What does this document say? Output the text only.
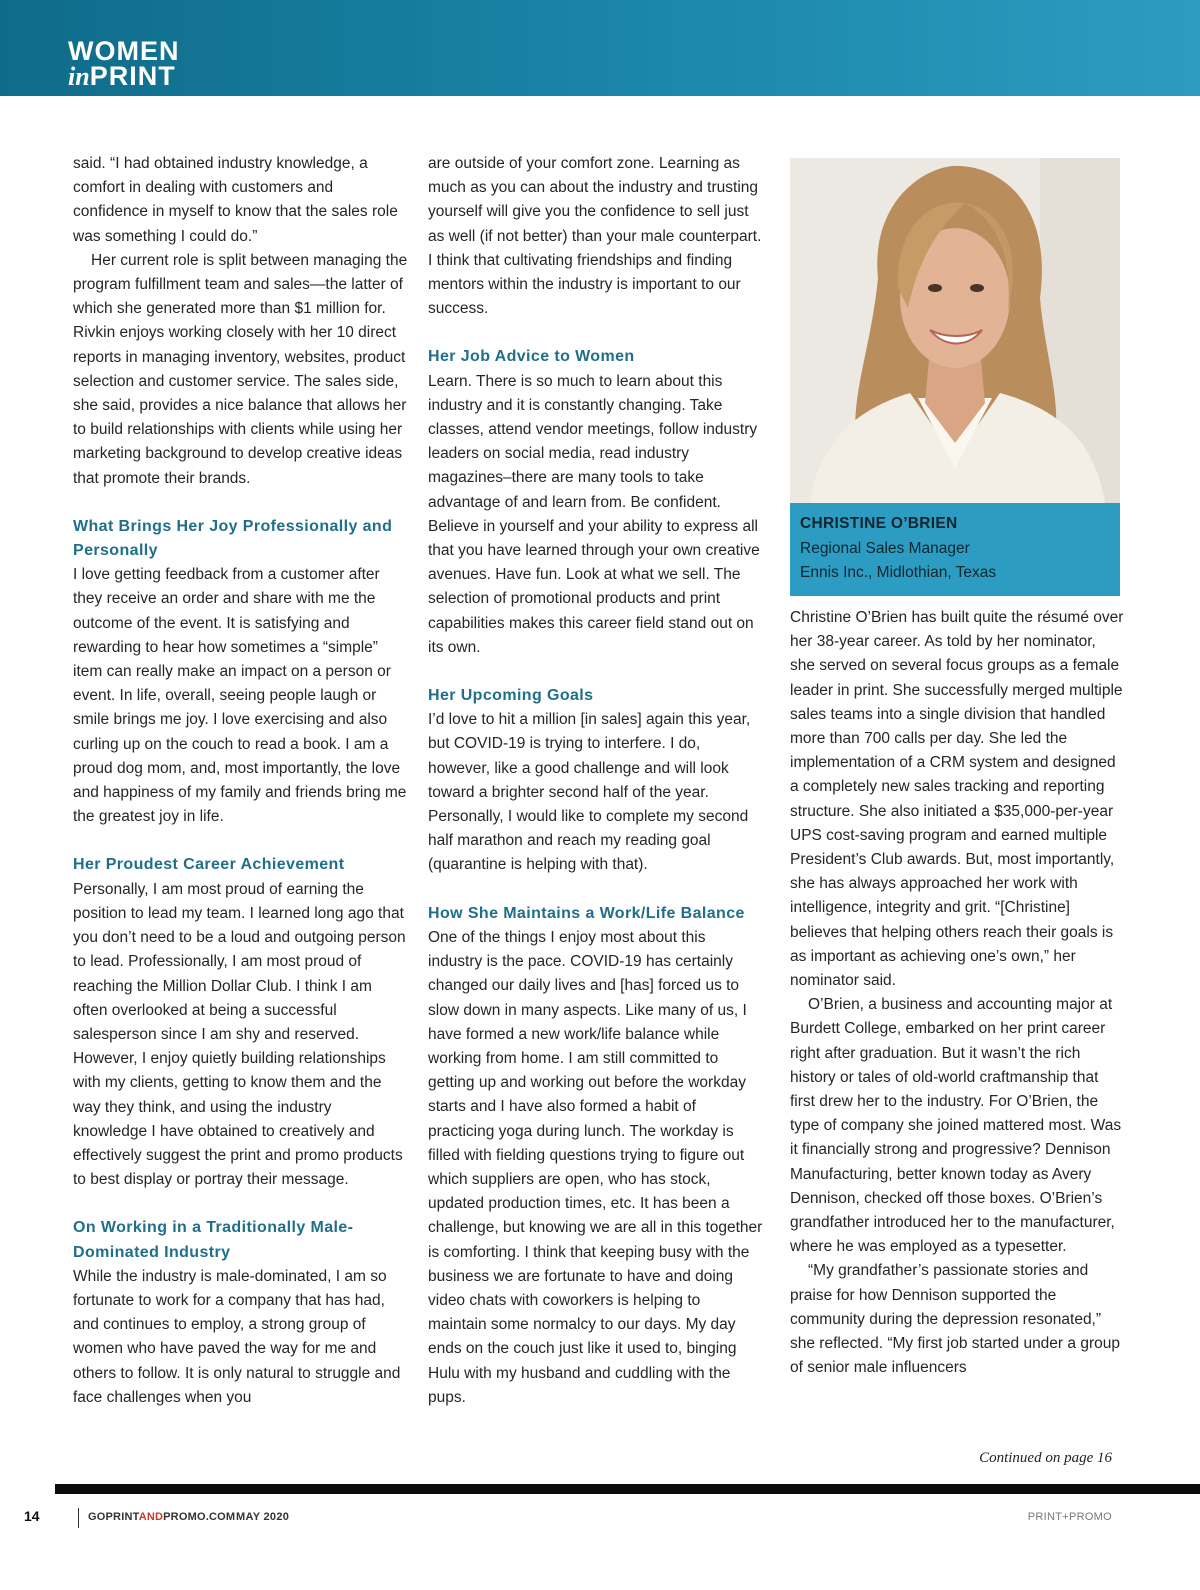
WOMEN
inPRINT

said. “I had obtained industry knowledge, a comfort in dealing with customers and confidence in myself to know that the sales role was something I could do.”

Her current role is split between managing the program fulfillment team and sales—the latter of which she generated more than $1 million for. Rivkin enjoys working closely with her 10 direct reports in managing inventory, websites, product selection and customer service. The sales side, she said, provides a nice balance that allows her to build relationships with clients while using her marketing background to develop creative ideas that promote their brands.

What Brings Her Joy Professionally and Personally

I love getting feedback from a customer after they receive an order and share with me the outcome of the event. It is satisfying and rewarding to hear how sometimes a “simple” item can really make an impact on a person or event. In life, overall, seeing people laugh or smile brings me joy. I love exercising and also curling up on the couch to read a book. I am a proud dog mom, and, most importantly, the love and happiness of my family and friends bring me the greatest joy in life.

Her Proudest Career Achievement

Personally, I am most proud of earning the position to lead my team. I learned long ago that you don’t need to be a loud and outgoing person to lead. Professionally, I am most proud of reaching the Million Dollar Club. I think I am often overlooked at being a successful salesperson since I am shy and reserved. However, I enjoy quietly building relationships with my clients, getting to know them and the way they think, and using the industry knowledge I have obtained to creatively and effectively suggest the print and promo products to best display or portray their message.

On Working in a Traditionally Male-Dominated Industry

While the industry is male-dominated, I am so fortunate to work for a company that has had, and continues to employ, a strong group of women who have paved the way for me and others to follow. It is only natural to struggle and face challenges when you

are outside of your comfort zone. Learning as much as you can about the industry and trusting yourself will give you the confidence to sell just as well (if not better) than your male counterpart. I think that cultivating friendships and finding mentors within the industry is important to our success.

Her Job Advice to Women

Learn. There is so much to learn about this industry and it is constantly changing. Take classes, attend vendor meetings, follow industry leaders on social media, read industry magazines–there are many tools to take advantage of and learn from. Be confident. Believe in yourself and your ability to express all that you have learned through your own creative avenues. Have fun. Look at what we sell. The selection of promotional products and print capabilities makes this career field stand out on its own.

Her Upcoming Goals

I’d love to hit a million [in sales] again this year, but COVID-19 is trying to interfere. I do, however, like a good challenge and will look toward a brighter second half of the year. Personally, I would like to complete my second half marathon and reach my reading goal (quarantine is helping with that).

How She Maintains a Work/Life Balance

One of the things I enjoy most about this industry is the pace. COVID-19 has certainly changed our daily lives and [has] forced us to slow down in many aspects. Like many of us, I have formed a new work/life balance while working from home. I am still committed to getting up and working out before the workday starts and I have also formed a habit of practicing yoga during lunch. The workday is filled with fielding questions trying to figure out which suppliers are open, who has stock, updated production times, etc. It has been a challenge, but knowing we are all in this together is comforting. I think that keeping busy with the business we are fortunate to have and doing video chats with coworkers is helping to maintain some normalcy to our days. My day ends on the couch just like it used to, binging Hulu with my husband and cuddling with the pups.

CHRISTINE O’BRIEN
Regional Sales Manager
Ennis Inc., Midlothian, Texas

Christine O’Brien has built quite the résumé over her 38-year career. As told by her nominator, she served on several focus groups as a female leader in print. She successfully merged multiple sales teams into a single division that handled more than 700 calls per day. She led the implementation of a CRM system and designed a completely new sales tracking and reporting structure. She also initiated a $35,000-per-year UPS cost-saving program and earned multiple President’s Club awards. But, most importantly, she has always approached her work with intelligence, integrity and grit. “[Christine] believes that helping others reach their goals is as important as achieving one’s own,” her nominator said.

O’Brien, a business and accounting major at Burdett College, embarked on her print career right after graduation. But it wasn’t the rich history or tales of old-world craftmanship that first drew her to the industry. For O’Brien, the type of company she joined mattered most. Was it financially strong and progressive? Dennison Manufacturing, better known today as Avery Dennison, checked off those boxes. O’Brien’s grandfather introduced her to the manufacturer, where he was employed as a typesetter.

“My grandfather’s passionate stories and praise for how Dennison supported the community during the depression resonated,” she reflected. “My first job started under a group of senior male influencers

Continued on page 16
14	GOPRINTANDPROMO.COM MAY 2020	PRINT+PROMO
